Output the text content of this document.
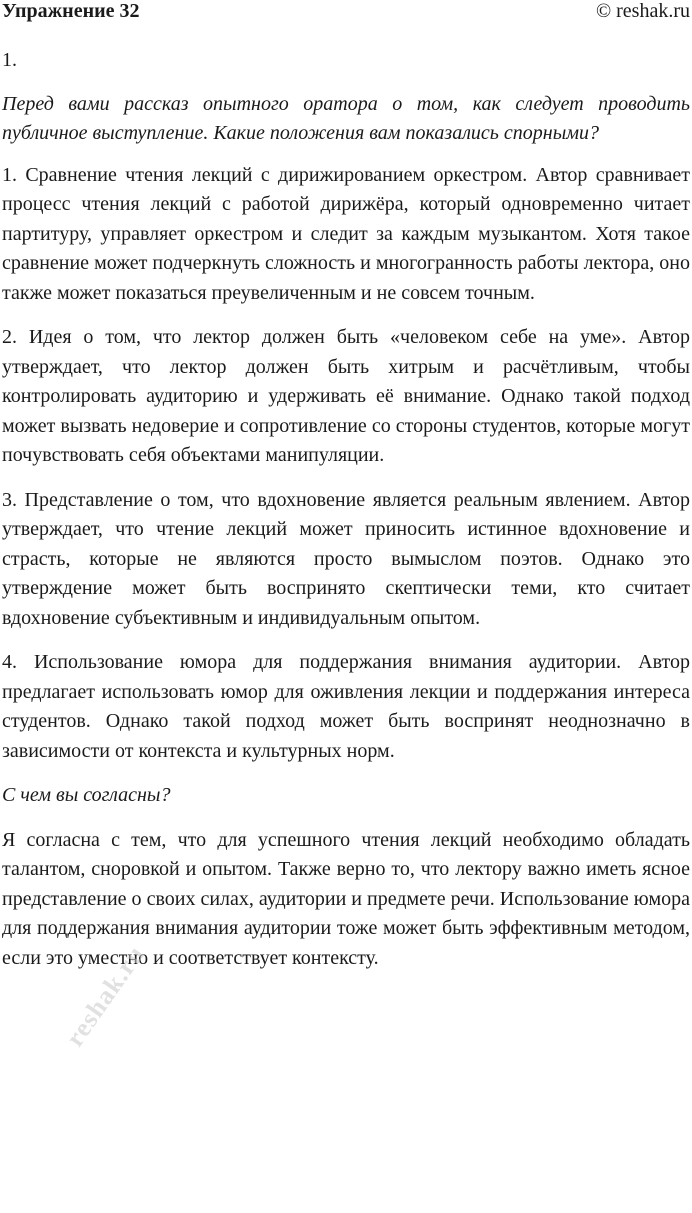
Упражнение 32	© reshak.ru

1.

Перед вами рассказ опытного оратора о том, как следует проводить публичное выступление. Какие положения вам показались спорными?

1. Сравнение чтения лекций с дирижированием оркестром. Автор сравнивает процесс чтения лекций с работой дирижёра, который одновременно читает партитуру, управляет оркестром и следит за каждым музыкантом. Хотя такое сравнение может подчеркнуть сложность и многогранность работы лектора, оно также может показаться преувеличенным и не совсем точным.

2. Идея о том, что лектор должен быть «человеком себе на уме». Автор утверждает, что лектор должен быть хитрым и расчётливым, чтобы контролировать аудиторию и удерживать её внимание. Однако такой подход может вызвать недоверие и сопротивление со стороны студентов, которые могут почувствовать себя объектами манипуляции.

3. Представление о том, что вдохновение является реальным явлением. Автор утверждает, что чтение лекций может приносить истинное вдохновение и страсть, которые не являются просто вымыслом поэтов. Однако это утверждение может быть воспринято скептически теми, кто считает вдохновение субъективным и индивидуальным опытом.

4. Использование юмора для поддержания внимания аудитории. Автор предлагает использовать юмор для оживления лекции и поддержания интереса студентов. Однако такой подход может быть воспринят неоднозначно в зависимости от контекста и культурных норм.

С чем вы согласны?

Я согласна с тем, что для успешного чтения лекций необходимо обладать талантом, сноровкой и опытом. Также верно то, что лектору важно иметь ясное представление о своих силах, аудитории и предмете речи. Использование юмора для поддержания внимания аудитории тоже может быть эффективным методом, если это уместно и соответствует контексту.

reshak.ru
